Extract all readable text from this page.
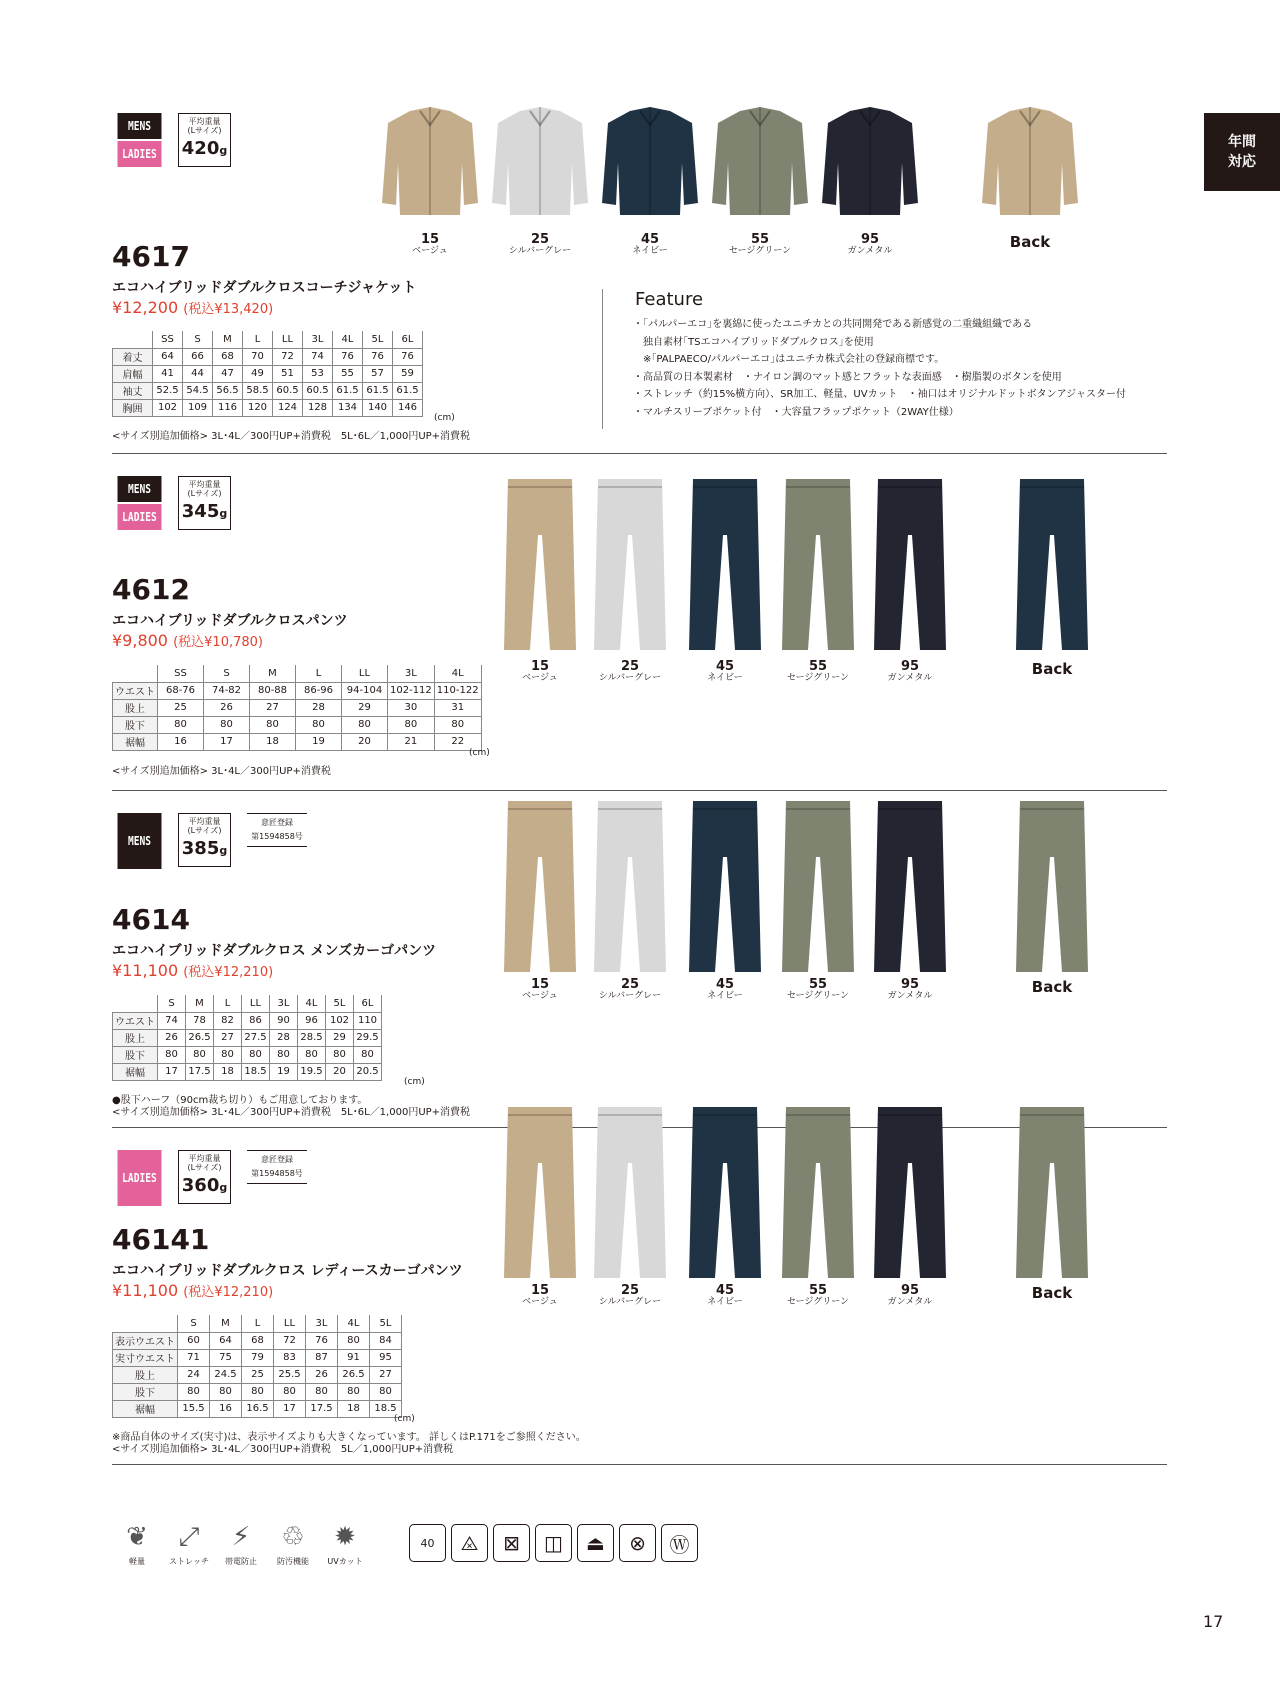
年間
対応
MENS
LADIES
平均重量
(Lサイズ)
420g
4617
エコハイブリッドダブルクロスコーチジャケット
¥12,200 (税込¥13,420)
	SS	S	M	L	LL	3L	4L	5L	6L
着丈	64	66	68	70	72	74	76	76	76
肩幅	41	44	47	49	51	53	55	57	59
袖丈	52.5	54.5	56.5	58.5	60.5	60.5	61.5	61.5	61.5
胸囲	102	109	116	120	124	128	134	140	146
(cm)
<サイズ別追加価格> 3L･4L／300円UP+消費税　5L･6L／1,000円UP+消費税
Feature

・｢パルパーエコ｣を裏綿に使ったユニチカとの共同開発である新感覚の二重織組織である
　独自素材｢TSエコハイブリッドダブルクロス｣を使用
　※｢PALPAECO/パルパーエコ｣はユニチカ株式会社の登録商標です。
・高品質の日本製素材　・ナイロン調のマット感とフラットな表面感　・樹脂製のボタンを使用
・ストレッチ（約15%横方向）、SR加工、軽量、UVカット　・袖口はオリジナルドットボタンアジャスター付
・マルチスリーブポケット付　・大容量フラップポケット（2WAY仕様）

MENS
LADIES
平均重量
(Lサイズ)
345g
4612
エコハイブリッドダブルクロスパンツ
¥9,800 (税込¥10,780)
	SS	S	M	L	LL	3L	4L
ウエスト	68-76	74-82	80-88	86-96	94-104	102-112	110-122
股上	25	26	27	28	29	30	31
股下	80	80	80	80	80	80	80
裾幅	16	17	18	19	20	21	22
(cm)
<サイズ別追加価格> 3L･4L／300円UP+消費税
MENS
平均重量
(Lサイズ)
385g
意匠登録
第1594858号
4614
エコハイブリッドダブルクロス メンズカーゴパンツ
¥11,100 (税込¥12,210)
	S	M	L	LL	3L	4L	5L	6L
ウエスト	74	78	82	86	90	96	102	110
股上	26	26.5	27	27.5	28	28.5	29	29.5
股下	80	80	80	80	80	80	80	80
裾幅	17	17.5	18	18.5	19	19.5	20	20.5
(cm)
●股下ハーフ（90cm裁ち切り）もご用意しております。
<サイズ別追加価格> 3L･4L／300円UP+消費税　5L･6L／1,000円UP+消費税
LADIES
平均重量
(Lサイズ)
360g
意匠登録
第1594858号
46141
エコハイブリッドダブルクロス レディースカーゴパンツ
¥11,100 (税込¥12,210)
	S	M	L	LL	3L	4L	5L
表示ウエスト	60	64	68	72	76	80	84
実寸ウエスト	71	75	79	83	87	91	95
股上	24	24.5	25	25.5	26	26.5	27
股下	80	80	80	80	80	80	80
裾幅	15.5	16	16.5	17	17.5	18	18.5
(cm)
※商品自体のサイズ(実寸)は、表示サイズよりも大きくなっています。 詳しくはP.171をご参照ください。
<サイズ別追加価格> 3L･4L／300円UP+消費税　5L／1,000円UP+消費税
15
ベージュ
25
シルバーグレー
45
ネイビー
55
セージグリーン
95
ガンメタル	Back
15
ベージュ
25
シルバーグレー
45
ネイビー
55
セージグリーン
95
ガンメタル	Back
15
ベージュ
25
シルバーグレー
45
ネイビー
55
セージグリーン
95
ガンメタル	Back
15
ベージュ
25
シルバーグレー
45
ネイビー
55
セージグリーン
95
ガンメタル	Back
❦
軽量
⤢
ストレッチ
⚡
帯電防止
♲
防汚機能
✹
UVカット
40	⨻	⊠	◫	⏏	⊗	Ⓦ
17
